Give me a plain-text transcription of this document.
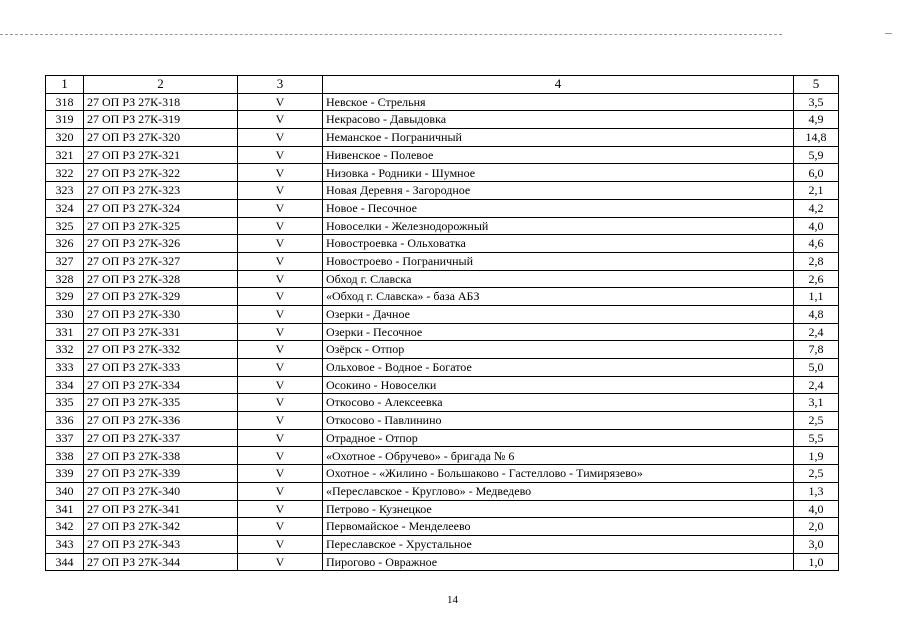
1	2	3	4	5
318	27 ОП РЗ 27К-318	V	Невское - Стрельня	3,5
319	27 ОП РЗ 27К-319	V	Некрасово - Давыдовка	4,9
320	27 ОП РЗ 27К-320	V	Неманское - Пограничный	14,8
321	27 ОП РЗ 27К-321	V	Нивенское - Полевое	5,9
322	27 ОП РЗ 27К-322	V	Низовка - Родники - Шумное	6,0
323	27 ОП РЗ 27К-323	V	Новая Деревня - Загородное	2,1
324	27 ОП РЗ 27К-324	V	Новое - Песочное	4,2
325	27 ОП РЗ 27К-325	V	Новоселки - Железнодорожный	4,0
326	27 ОП РЗ 27К-326	V	Новостроевка - Ольховатка	4,6
327	27 ОП РЗ 27К-327	V	Новостроево - Пограничный	2,8
328	27 ОП РЗ 27К-328	V	Обход г. Славска	2,6
329	27 ОП РЗ 27К-329	V	«Обход г. Славска» - база АБЗ	1,1
330	27 ОП РЗ 27К-330	V	Озерки - Дачное	4,8
331	27 ОП РЗ 27К-331	V	Озерки - Песочное	2,4
332	27 ОП РЗ 27К-332	V	Озёрск - Отпор	7,8
333	27 ОП РЗ 27К-333	V	Ольховое - Водное - Богатое	5,0
334	27 ОП РЗ 27К-334	V	Осокино - Новоселки	2,4
335	27 ОП РЗ 27К-335	V	Откосово - Алексеевка	3,1
336	27 ОП РЗ 27К-336	V	Откосово - Павлинино	2,5
337	27 ОП РЗ 27К-337	V	Отрадное - Отпор	5,5
338	27 ОП РЗ 27К-338	V	«Охотное - Обручево» - бригада № 6	1,9
339	27 ОП РЗ 27К-339	V	Охотное - «Жилино - Большаково - Гастеллово - Тимирязево»	2,5
340	27 ОП РЗ 27К-340	V	«Переславское - Круглово» - Медведево	1,3
341	27 ОП РЗ 27К-341	V	Петрово - Кузнецкое	4,0
342	27 ОП РЗ 27К-342	V	Первомайское - Менделеево	2,0
343	27 ОП РЗ 27К-343	V	Переславское - Хрустальное	3,0
344	27 ОП РЗ 27К-344	V	Пирогово - Овражное	1,0
14
